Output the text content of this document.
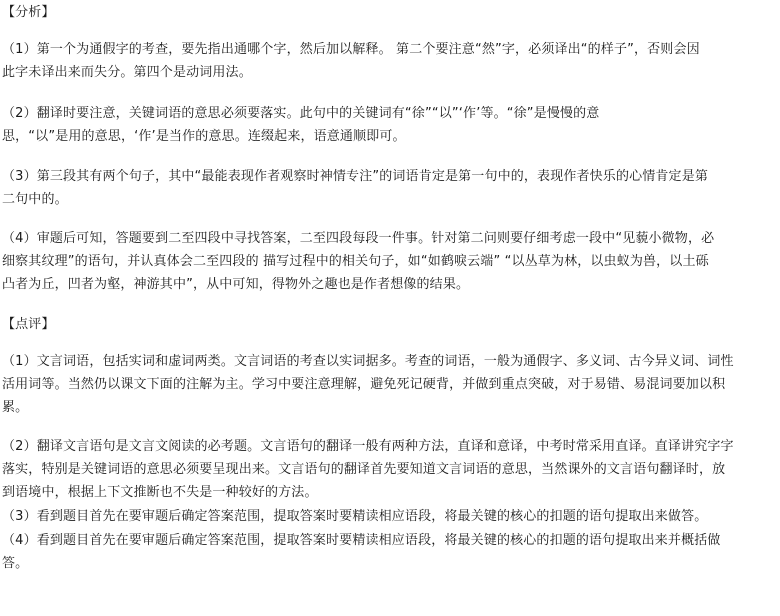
【分析】
（1）第一个为通假字的考查，要先指出通哪个字，然后加以解释。 第二个要注意“然”字，必须译出“的样子”，否则会因
此字未译出来而失分。第四个是动词用法。
（2）翻译时要注意，关键词语的意思必须要落实。此句中的关键词有“徐”“以”‘作’等。“徐”是慢慢的意
思，“以”是用的意思，‘作’是当作的意思。连缀起来，语意通顺即可。
（3）第三段其有两个句子，其中“最能表现作者观察时神情专注”的词语肯定是第一句中的，表现作者快乐的心情肯定是第
二句中的。
（4）审题后可知，答题要到二至四段中寻找答案，二至四段每段一件事。针对第二问则要仔细考虑一段中“见藐小微物，必
细察其纹理”的语句，并认真体会二至四段的 描写过程中的相关句子，如“如鹤唳云端” “以丛草为林，以虫蚁为兽，以土砾
凸者为丘，凹者为壑，神游其中”，从中可知，得物外之趣也是作者想像的结果。
【点评】
（1）文言词语，包括实词和虚词两类。文言词语的考查以实词据多。考查的词语，一般为通假字、多义词、古今异义词、词性
活用词等。当然仍以课文下面的注解为主。学习中要注意理解，避免死记硬背，并做到重点突破，对于易错、易混词要加以积
累。
（2）翻译文言语句是文言文阅读的必考题。文言语句的翻译一般有两种方法，直译和意译，中考时常采用直译。直译讲究字字
落实，特别是关键词语的意思必须要呈现出来。文言语句的翻译首先要知道文言词语的意思，当然课外的文言语句翻译时，放
到语境中，根据上下文推断也不失是一种较好的方法。
（3）看到题目首先在要审题后确定答案范围，提取答案时要精读相应语段，将最关键的核心的扣题的语句提取出来做答。
（4）看到题目首先在要审题后确定答案范围，提取答案时要精读相应语段，将最关键的核心的扣题的语句提取出来并概括做
答。
